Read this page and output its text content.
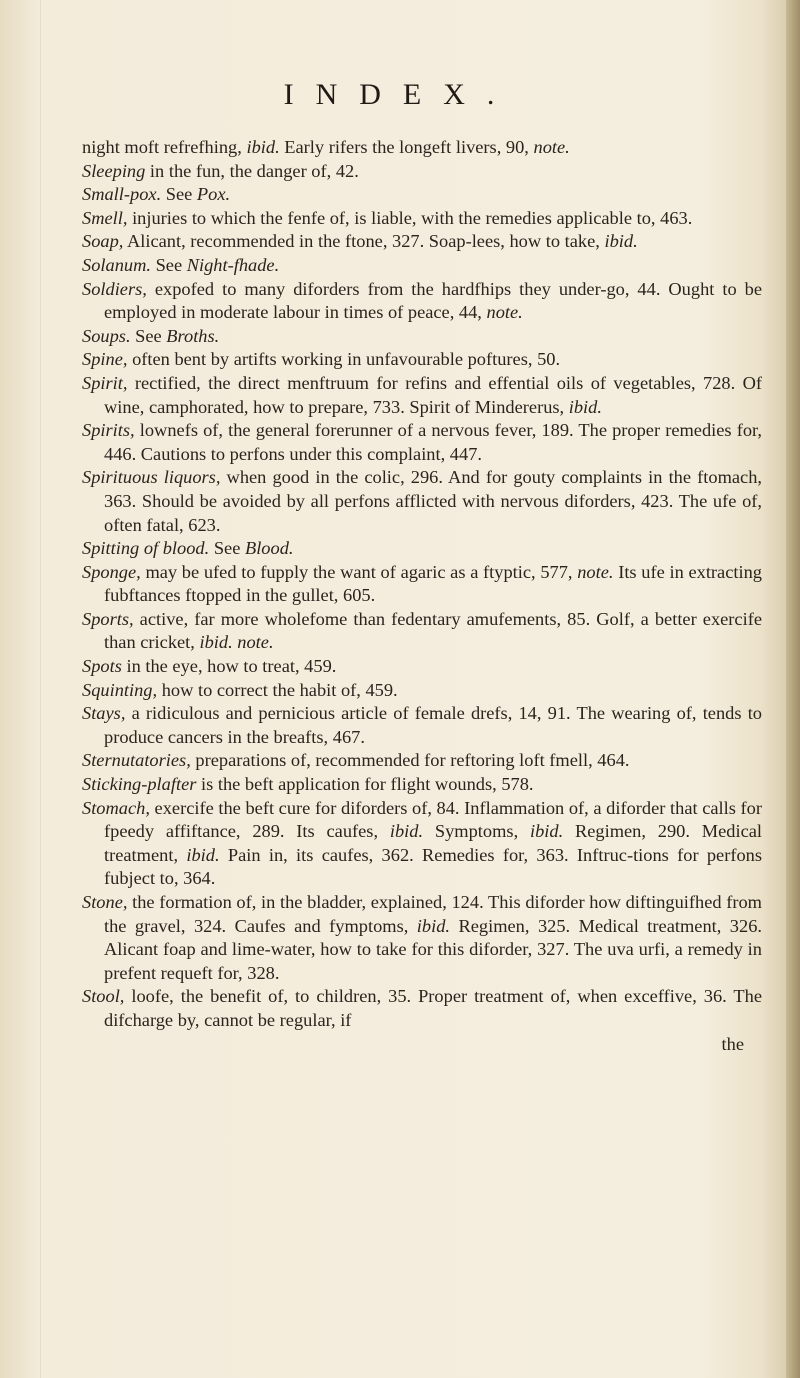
INDEX.

night moft refrefhing, ibid. Early rifers the longeft livers, 90, note.

Sleeping in the fun, the danger of, 42.

Small-pox. See Pox.

Smell, injuries to which the fenfe of, is liable, with the remedies applicable to, 463.

Soap, Alicant, recommended in the ftone, 327. Soap-lees, how to take, ibid.

Solanum. See Night-fhade.

Soldiers, expofed to many diforders from the hardfhips they under-go, 44. Ought to be employed in moderate labour in times of peace, 44, note.

Soups. See Broths.

Spine, often bent by artifts working in unfavourable poftures, 50.

Spirit, rectified, the direct menftruum for refins and effential oils of vegetables, 728. Of wine, camphorated, how to prepare, 733. Spirit of Mindererus, ibid.

Spirits, lownefs of, the general forerunner of a nervous fever, 189. The proper remedies for, 446. Cautions to perfons under this complaint, 447.

Spirituous liquors, when good in the colic, 296. And for gouty complaints in the ftomach, 363. Should be avoided by all perfons afflicted with nervous diforders, 423. The ufe of, often fatal, 623.

Spitting of blood. See Blood.

Sponge, may be ufed to fupply the want of agaric as a ftyptic, 577, note. Its ufe in extracting fubftances ftopped in the gullet, 605.

Sports, active, far more wholefome than fedentary amufements, 85. Golf, a better exercife than cricket, ibid. note.

Spots in the eye, how to treat, 459.

Squinting, how to correct the habit of, 459.

Stays, a ridiculous and pernicious article of female drefs, 14, 91. The wearing of, tends to produce cancers in the breafts, 467.

Sternutatories, preparations of, recommended for reftoring loft fmell, 464.

Sticking-plafter is the beft application for flight wounds, 578.

Stomach, exercife the beft cure for diforders of, 84. Inflammation of, a diforder that calls for fpeedy affiftance, 289. Its caufes, ibid. Symptoms, ibid. Regimen, 290. Medical treatment, ibid. Pain in, its caufes, 362. Remedies for, 363. Inftruc-tions for perfons fubject to, 364.

Stone, the formation of, in the bladder, explained, 124. This diforder how diftinguifhed from the gravel, 324. Caufes and fymptoms, ibid. Regimen, 325. Medical treatment, 326. Alicant foap and lime-water, how to take for this diforder, 327. The uva urfi, a remedy in prefent requeft for, 328.

Stool, loofe, the benefit of, to children, 35. Proper treatment of, when exceffive, 36. The difcharge by, cannot be regular, if

the
